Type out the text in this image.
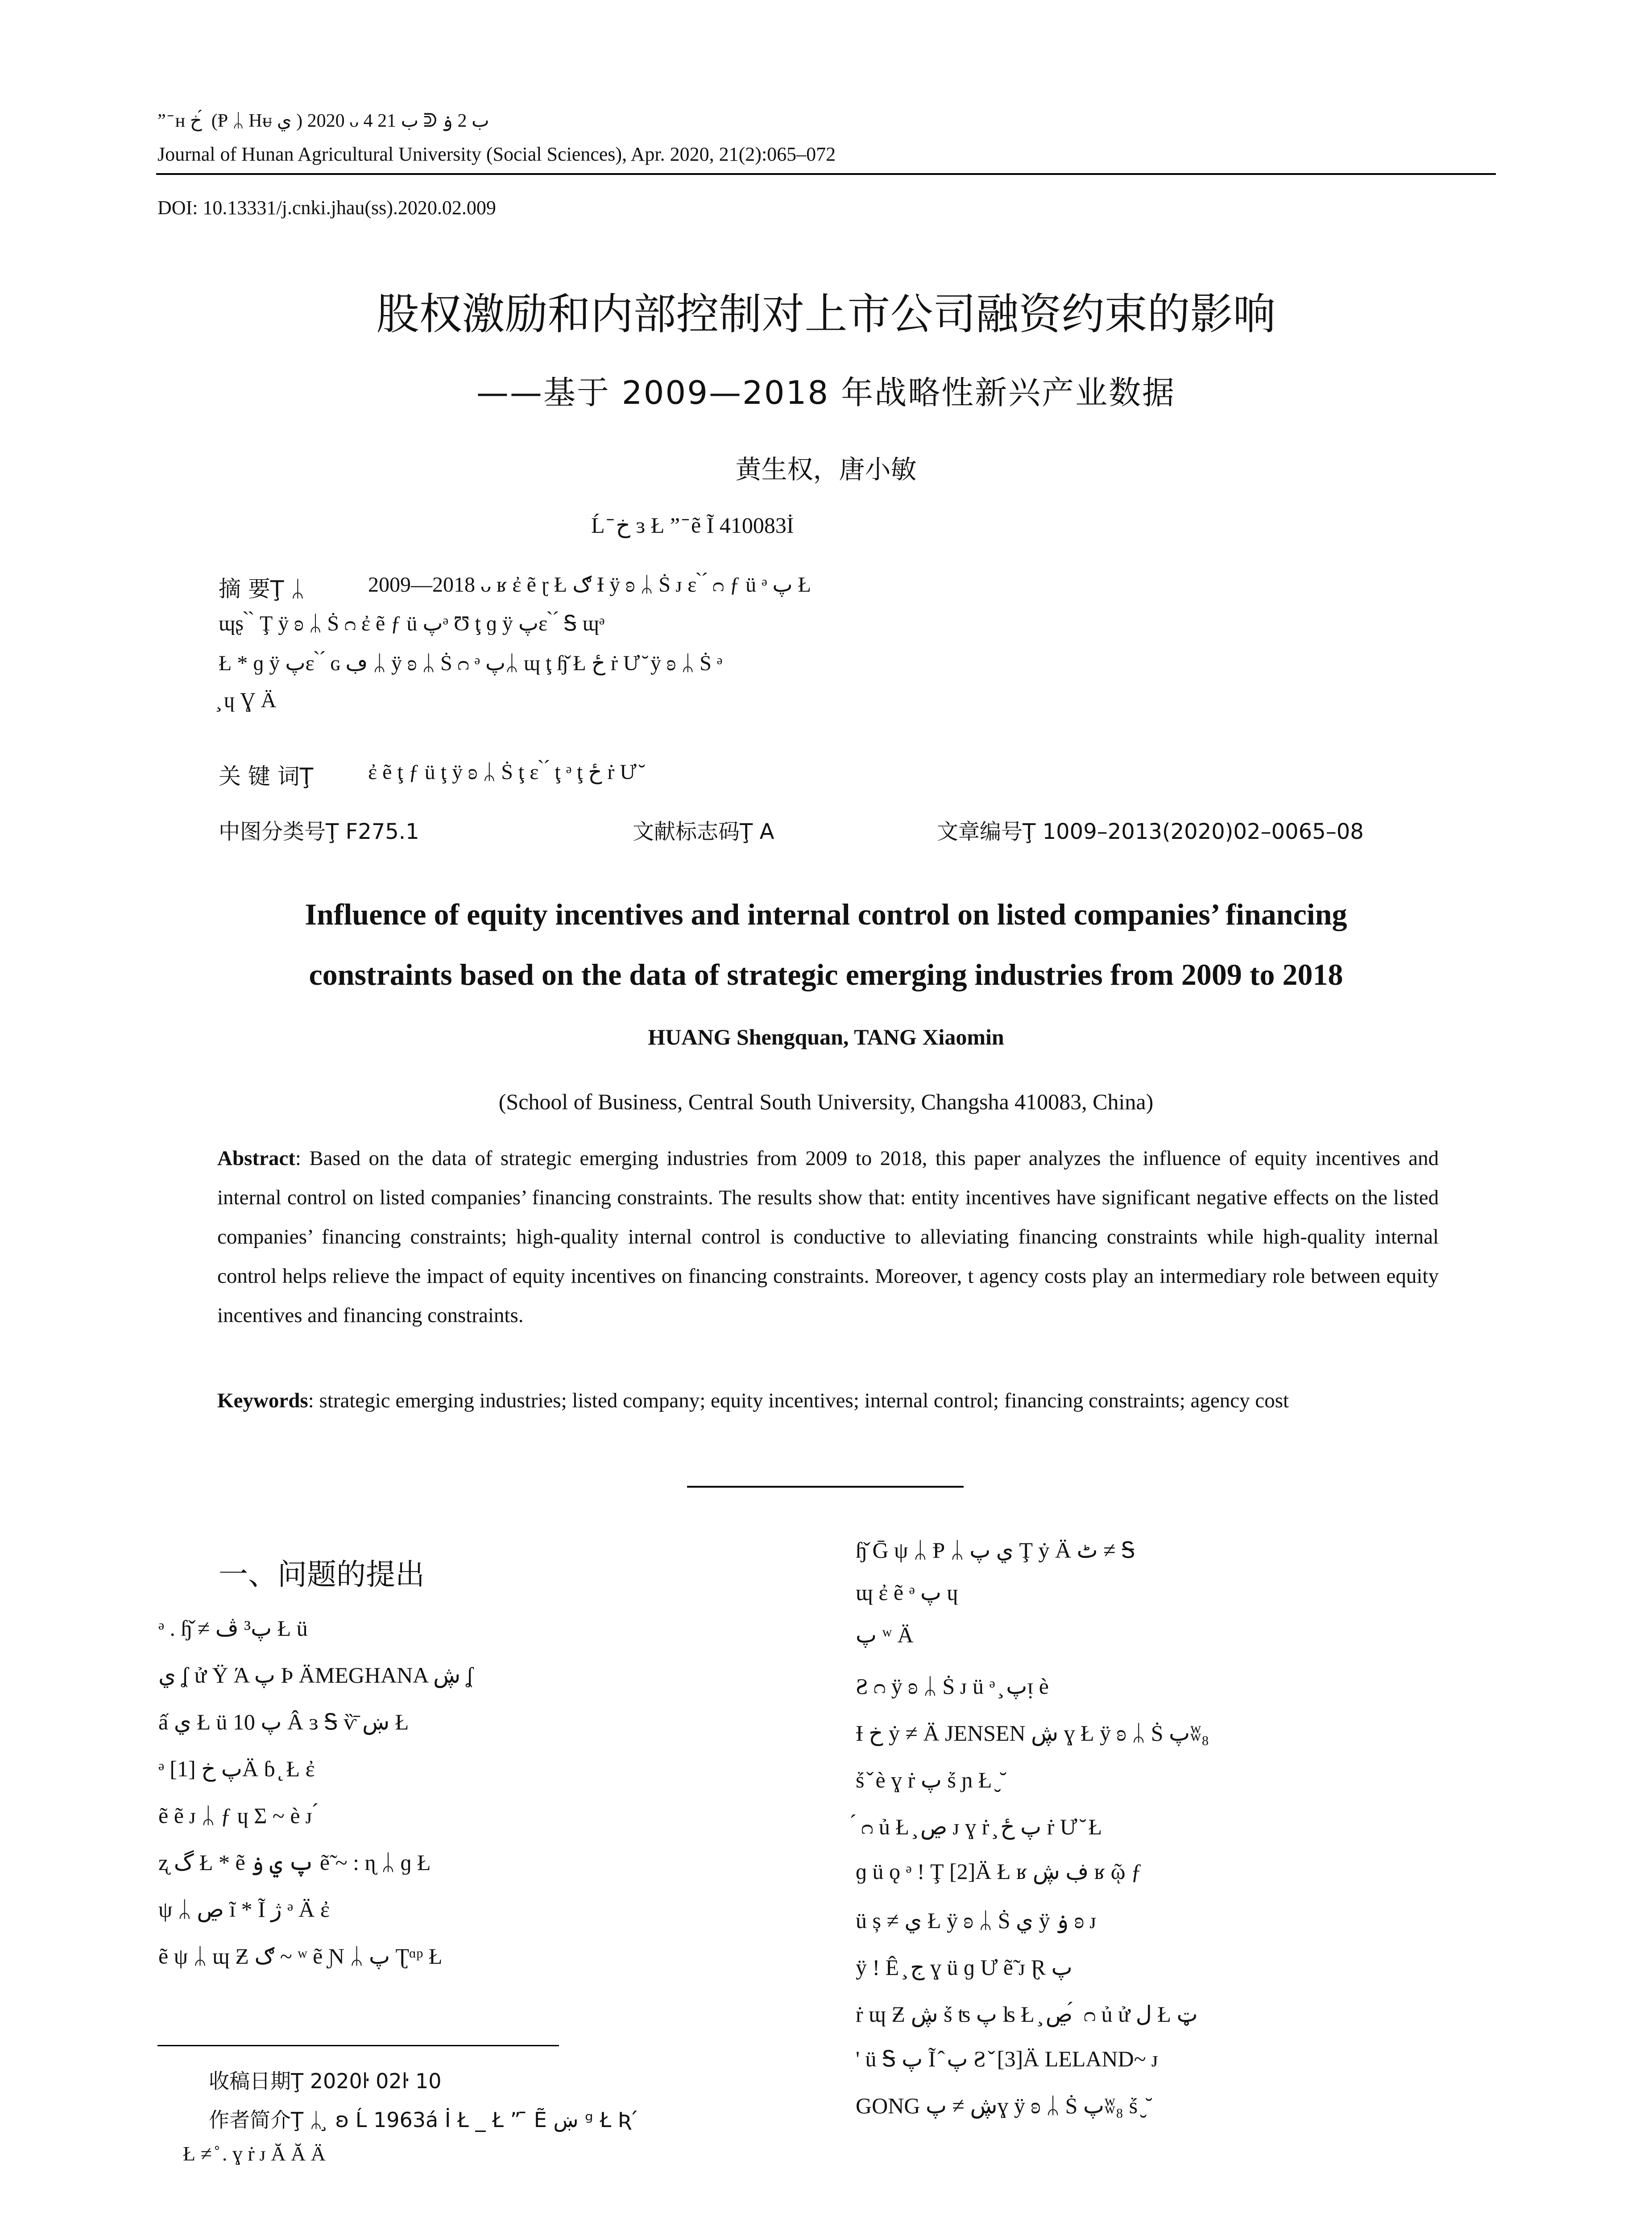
” ̄ ʜ خ ́ (Ᵽ ᛦ Hᵾ ي ) 2020 ᴗ 4 ب 21 ᕲ ب 2 ۏ
Journal of Hunan Agricultural University (Social Sciences), Apr. 2020, 21(2):065–072
DOI: 10.13331/j.cnki.jhau(ss).2020.02.009
股权激励和内部控制对上市公司融资约束的影响
——基于 2009—2018 年战略性新兴产业数据
黄生权，唐小敏
Ĺ ̄ خ ɜ Ł ” ̄ ẽ Ĩ 410083İ
摘 要Ţ ᛦ	2009—2018 ᴗ ʁ ἐ ẽ ɽ Ł ګ Ɨ ÿ ʚ ᛦ Ṡ ᴊ ɛ ̀ ́ ᴒ ƒ ü ᵊ پ Ł
ɰʂ ̀ ̀ Ţ ÿ ʚ ᛦ Ṡ ᴒ ἐ ẽ ƒ ü پᵊ Ʊ ţ ɡ ÿ پɛ ̀ ́ Ꭶ ɰᵊ
Ł * ɡ ÿ پɛ ̀ ́ ɢ ڢ ᛦ ÿ ʚ ᛦ Ṡ ᴒ ᵊ پᛦ ɰ ţ ɧ̌ Ł ځ ṙ Ư ̆ ÿ ʚ ᛦ Ṡ ᵊ
̧ ɥ Ɣ Ä
关 键 词Ţ	ἐ ẽ ţ ƒ ü ţ ÿ ʚ ᛦ Ṡ ţ ɛ ̀ ́ ţ ᵊ ţ ځ ṙ Ư ̆
中图分类号Ţ F275.1	文献标志码Ţ A	文章编号Ţ 1009–2013(2020)02–0065–08
Influence of equity incentives and internal control on listed companies’ financing
constraints based on the data of strategic emerging industries from 2009 to 2018
HUANG Shengquan, TANG Xiaomin
(School of Business, Central South University, Changsha 410083, China)
Abstract: Based on the data of strategic emerging industries from 2009 to 2018, this paper analyzes the influence of equity incentives and internal control on listed companies’ financing constraints. The results show that: entity incentives have significant negative effects on the listed companies’ financing constraints; high-quality internal control is conductive to alleviating financing constraints while high-quality internal control helps relieve the impact of equity incentives on financing constraints. Moreover, t agency costs play an intermediary role between equity incentives and financing constraints.
Keywords: strategic emerging industries; listed company; equity incentives; internal control; financing constraints; agency cost
一、问题的提出
ᵊ . ɧ̌ ≠ پ³ ڤ Ł ü
ي ʆ ử Ÿ Ά پ Þ ÄMEGHANA ڜ ʆ
ấ ي Ł ü پ 10 Â ɜ Ꭶ ѷ̄ ښ Ł
ᵊ پ خ [1]Ä ɓ ̨ Ł ἐ
ẽ ẽ ᴊ ᛦ ƒ ɥ Σ ~ è ᴊ ́
ʐ گ Ł * ẽ پ ي ۏ ẽ̃ ~ : ɳ ᛦ ɡ Ł
ψ ᛦ ڝ ĩ * Ĩ ژ ᵊ Ä ἐ
ẽ ψ ᛦ ɰ Ƶ ګ ~ ʷ ẽ Ɲ ᛦ پ Ʈᵅᵖ Ł
收稿日期Ţ 2020ŀ 02ŀ 10
作者简介Ţ ᛦ ̧ ʚ Ĺ 1963á İ Ł _ Ł ” ̄ Ẽ ښ ᵍ Ł Ʀ ́
Ł ≠ ̊ . ɣ ṙ ᴊ Ă Ă Ä
ɧ̌ Ḡ ψ ᛦ Ᵽ ᛦ ي پ Ţ ẏ Ä ٹ ≠ Ꭶ
ɰ ἐ ẽ ᵊ پ ɥ
پ ʷ Ä
Ƨ ᴒ ÿ ʚ ᛦ Ṡ ᴊ ü ᵊ ̧ پᴉ è
Ɨ خ ẏ ≠ Ä JENSEN ڜ ɣ Ł ÿ ʚ ᛦ Ṡ پʬ₈
ṥ ̌ è ɣ ṙ پ ṥ ɲ Ł ̮ ̆
́ ᴒ ủ Ł ̧ ڝ ᴊ ɣ ṙ ̧ پ ځ ṙ Ư ̆ Ł
ɡ ü ǫ ᵊ ǃ Ţ [2]Ä Ł ʁ ڣ ڜ ʁ ῷ ƒ
ü ș ≠ ي Ł ÿ ʚ ᛦ Ṡ ي ÿ ۏ ʚ ᴊ
ÿ ǃ Ê ̧ ج ɣ ü ɡ Ư ẽ̃ ᴊ Ɽ پ
ṙ ɰ Ƶ ڜ ṥ ʦ پ ʪ Ł ̧ ڝ ́ ᴒ ủ ử ل Ł ټ
' ü Ꭶ پ Ĩ ̂ پ Ƨ ̌ [3]Ä LELAND~ ᴊ
GONG ڜ ≠ پɣ ÿ ʚ ᛦ Ṡ پʬ₈ ṥ ̮ ̆
